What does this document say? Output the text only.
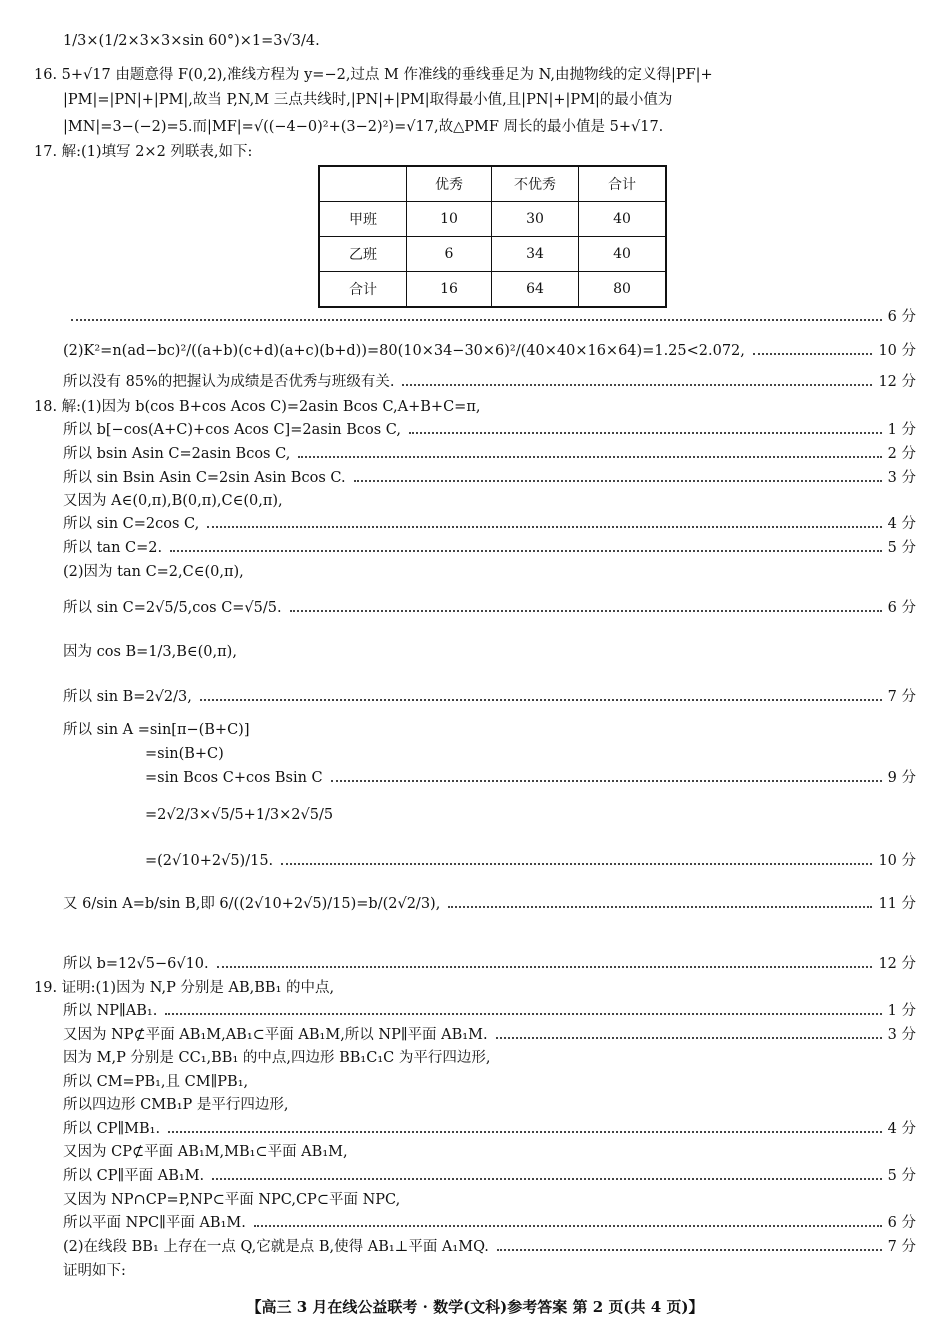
1/3×(1/2×3×3×sin 60°)×1=3√3/4.
16. 5+√17 由题意得 F(0,2),准线方程为 y=−2,过点 M 作准线的垂线垂足为 N,由抛物线的定义得|PF|+
|PM|=|PN|+|PM|,故当 P,N,M 三点共线时,|PN|+|PM|取得最小值,且|PN|+|PM|的最小值为
|MN|=3−(−2)=5.而|MF|=√((−4−0)²+(3−2)²)=√17,故△PMF 周长的最小值是 5+√17.
17. 解:(1)填写 2×2 列联表,如下:
	优秀	不优秀	合计
甲班	10	30	40
乙班	6	34	40
合计	16	64	80
6 分
(2)K²=n(ad−bc)²/((a+b)(c+d)(a+c)(b+d))=80(10×34−30×6)²/(40×40×16×64)=1.25<2.072,	10 分
所以没有 85%的把握认为成绩是否优秀与班级有关.	12 分
18. 解:(1)因为 b(cos B+cos Acos C)=2asin Bcos C,A+B+C=π,
所以 b[−cos(A+C)+cos Acos C]=2asin Bcos C,	1 分
所以 bsin Asin C=2asin Bcos C,	2 分
所以 sin Bsin Asin C=2sin Asin Bcos C.	3 分
又因为 A∈(0,π),B(0,π),C∈(0,π),
所以 sin C=2cos C,	4 分
所以 tan C=2.	5 分
(2)因为 tan C=2,C∈(0,π),
所以 sin C=2√5/5,cos C=√5/5.	6 分
因为 cos B=1/3,B∈(0,π),
所以 sin B=2√2/3,	7 分
所以 sin A =sin[π−(B+C)]
=sin(B+C)
=sin Bcos C+cos Bsin C	9 分
=2√2/3×√5/5+1/3×2√5/5
=(2√10+2√5)/15.	10 分
又 6/sin A=b/sin B,即 6/((2√10+2√5)/15)=b/(2√2/3),	11 分
所以 b=12√5−6√10.	12 分
19. 证明:(1)因为 N,P 分别是 AB,BB₁ 的中点,
所以 NP∥AB₁.	1 分
又因为 NP⊄平面 AB₁M,AB₁⊂平面 AB₁M,所以 NP∥平面 AB₁M.	3 分
因为 M,P 分别是 CC₁,BB₁ 的中点,四边形 BB₁C₁C 为平行四边形,
所以 CM=PB₁,且 CM∥PB₁,
所以四边形 CMB₁P 是平行四边形,
所以 CP∥MB₁.	4 分
又因为 CP⊄平面 AB₁M,MB₁⊂平面 AB₁M,
所以 CP∥平面 AB₁M.	5 分
又因为 NP∩CP=P,NP⊂平面 NPC,CP⊂平面 NPC,
所以平面 NPC∥平面 AB₁M.	6 分
(2)在线段 BB₁ 上存在一点 Q,它就是点 B,使得 AB₁⊥平面 A₁MQ.	7 分
证明如下:
【高三 3 月在线公益联考 · 数学(文科)参考答案 第 2 页(共 4 页)】
